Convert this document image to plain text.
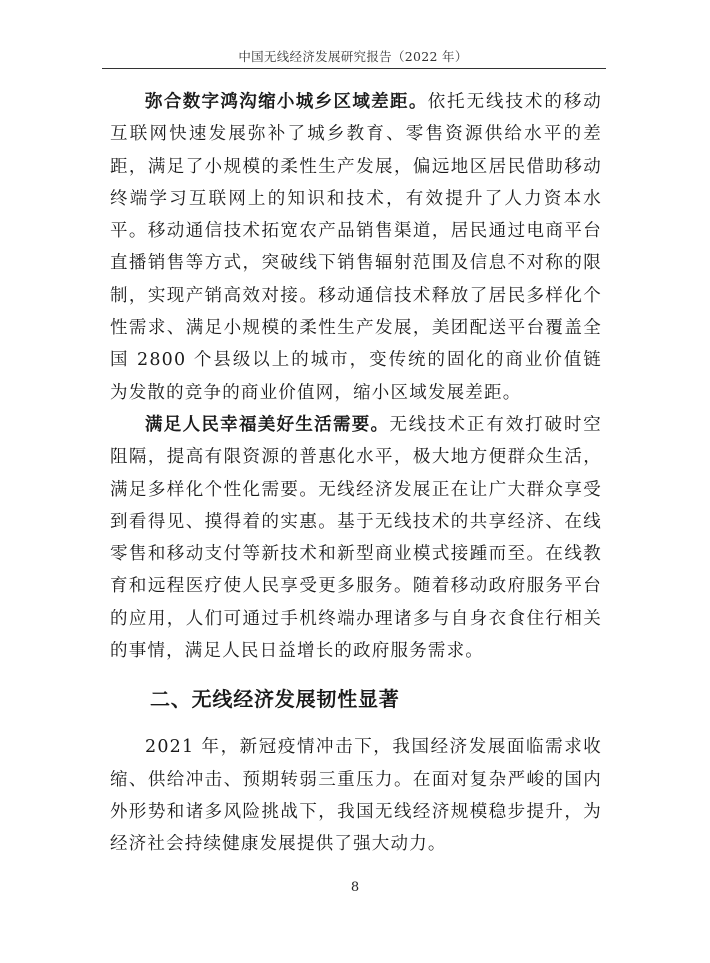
中国无线经济发展研究报告（2022 年）

弥合数字鸿沟缩小城乡区域差距。依托无线技术的移动互联网快速发展弥补了城乡教育、零售资源供给水平的差距，满足了小规模的柔性生产发展，偏远地区居民借助移动终端学习互联网上的知识和技术，有效提升了人力资本水平。移动通信技术拓宽农产品销售渠道，居民通过电商平台直播销售等方式，突破线下销售辐射范围及信息不对称的限制，实现产销高效对接。移动通信技术释放了居民多样化个性需求、满足小规模的柔性生产发展，美团配送平台覆盖全国 2800 个县级以上的城市，变传统的固化的商业价值链为发散的竞争的商业价值网，缩小区域发展差距。

满足人民幸福美好生活需要。无线技术正有效打破时空阻隔，提高有限资源的普惠化水平，极大地方便群众生活，满足多样化个性化需要。无线经济发展正在让广大群众享受到看得见、摸得着的实惠。基于无线技术的共享经济、在线零售和移动支付等新技术和新型商业模式接踵而至。在线教育和远程医疗使人民享受更多服务。随着移动政府服务平台的应用，人们可通过手机终端办理诸多与自身衣食住行相关的事情，满足人民日益增长的政府服务需求。

二、无线经济发展韧性显著

2021 年，新冠疫情冲击下，我国经济发展面临需求收缩、供给冲击、预期转弱三重压力。在面对复杂严峻的国内外形势和诸多风险挑战下，我国无线经济规模稳步提升，为经济社会持续健康发展提供了强大动力。

8
